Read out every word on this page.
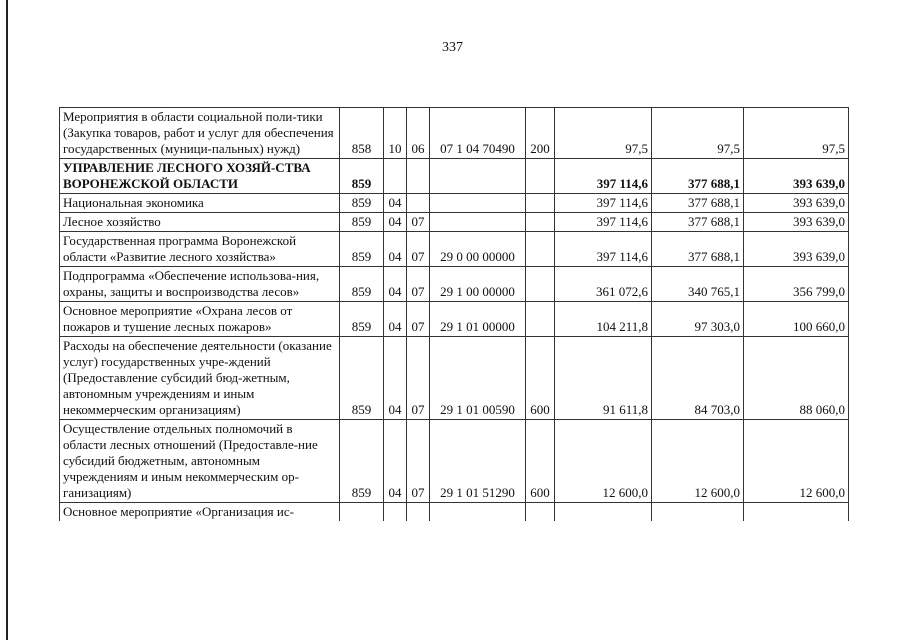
337
Мероприятия в области социальной поли-тики (Закупка товаров, работ и услуг для обеспечения государственных (муници-пальных) нужд)	858	10	06	07 1 04 70490	200	97,5	97,5	97,5
УПРАВЛЕНИЕ ЛЕСНОГО ХОЗЯЙ-СТВА ВОРОНЕЖСКОЙ ОБЛАСТИ	859					397 114,6	377 688,1	393 639,0
Национальная экономика	859	04				397 114,6	377 688,1	393 639,0
Лесное хозяйство	859	04	07			397 114,6	377 688,1	393 639,0
Государственная программа Воронежской области «Развитие лесного хозяйства»	859	04	07	29 0 00 00000		397 114,6	377 688,1	393 639,0
Подпрограмма «Обеспечение использова-ния, охраны, защиты и воспроизводства лесов»	859	04	07	29 1 00 00000		361 072,6	340 765,1	356 799,0
Основное мероприятие «Охрана лесов от пожаров и тушение лесных пожаров»	859	04	07	29 1 01 00000		104 211,8	97 303,0	100 660,0
Расходы на обеспечение деятельности (оказание услуг) государственных учре-ждений (Предоставление субсидий бюд-жетным, автономным учреждениям и иным некоммерческим организациям)	859	04	07	29 1 01 00590	600	91 611,8	84 703,0	88 060,0
Осуществление отдельных полномочий в области лесных отношений (Предоставле-ние субсидий бюджетным, автономным учреждениям и иным некоммерческим ор-ганизациям)	859	04	07	29 1 01 51290	600	12 600,0	12 600,0	12 600,0
Основное мероприятие «Организация ис-								
